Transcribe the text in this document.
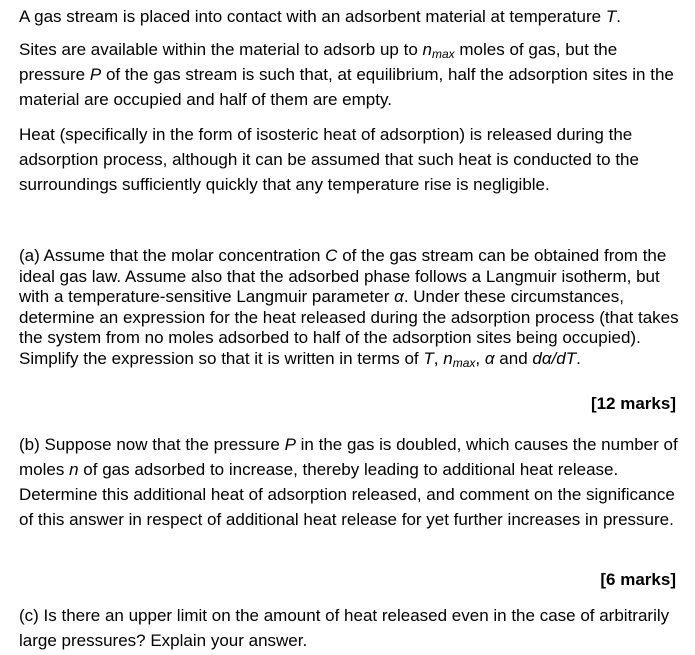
A gas stream is placed into contact with an adsorbent material at temperature T.

Sites are available within the material to adsorb up to $n_{max}$ moles of gas, but the pressure P of the gas stream is such that, at equilibrium, half the adsorption sites in the material are occupied and half of them are empty.

Heat (specifically in the form of isosteric heat of adsorption) is released during the adsorption process, although it can be assumed that such heat is conducted to the surroundings sufficiently quickly that any temperature rise is negligible.

(a) Assume that the molar concentration C of the gas stream can be obtained from the ideal gas law. Assume also that the adsorbed phase follows a Langmuir isotherm, but with a temperature-sensitive Langmuir parameter α. Under these circumstances, determine an expression for the heat released during the adsorption process (that takes the system from no moles adsorbed to half of the adsorption sites being occupied). Simplify the expression so that it is written in terms of T, $n_{max}$, α and dα/dT.

[12 marks]

(b) Suppose now that the pressure P in the gas is doubled, which causes the number of moles n of gas adsorbed to increase, thereby leading to additional heat release. Determine this additional heat of adsorption released, and comment on the significance of this answer in respect of additional heat release for yet further increases in pressure.

[6 marks]

(c) Is there an upper limit on the amount of heat released even in the case of arbitrarily large pressures? Explain your answer.
